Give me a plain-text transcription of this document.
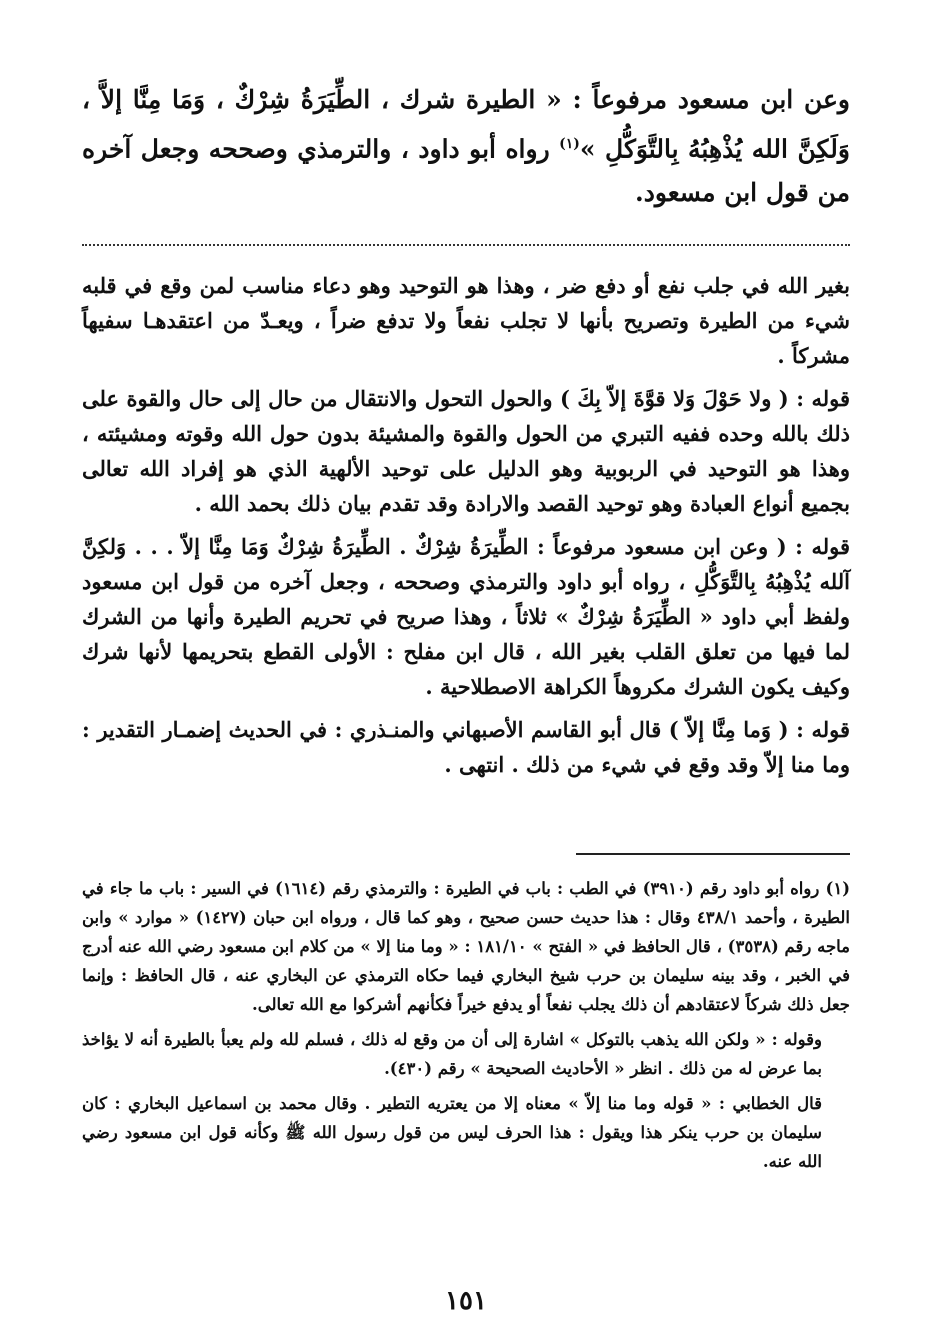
وعن ابن مسعود مرفوعاً : « الطيرة شرك ، الطِّيَرَةُ شِرْكٌ ، وَمَا مِنَّا إلاَّ ، وَلَكِنَّ الله يُذْهِبُهُ بِالتَّوَكُّلِ »$^{(١)}$ رواه أبو داود ، والترمذي وصححه وجعل آخره من قول ابن مسعود.

بغير الله في جلب نفع أو دفع ضر ، وهذا هو التوحيد وهو دعاء مناسب لمن وقع في قلبه شيء من الطيرة وتصريح بأنها لا تجلب نفعاً ولا تدفع ضراً ، ويعـدّ من اعتقدهـا سفيهاً مشركاً .

قوله : ( ولا حَوْلَ وَلا قوَّةَ إلاّ بِكَ ) والحول التحول والانتقال من حال إلى حال والقوة على ذلك بالله وحده ففيه التبري من الحول والقوة والمشيئة بدون حول الله وقوته ومشيئته ، وهذا هو التوحيد في الربوبية وهو الدليل على توحيد الألهية الذي هو إفراد الله تعالى بجميع أنواع العبادة وهو توحيد القصد والارادة وقد تقدم بيان ذلك بحمد الله .

قوله : ( وعن ابن مسعود مرفوعاً : الطِّيرَةُ شِرْكٌ . الطِّيرَةُ شِرْكٌ وَمَا مِنَّا إلاّ . . . وَلكِنَّ آلله يُذْهِبُهُ بِالتَّوَكُّلِ ، رواه أبو داود والترمذي وصححه ، وجعل آخره من قول ابن مسعود ولفظ أبي داود « الطِّيَرَةُ شِرْكٌ » ثلاثاً ، وهذا صريح في تحريم الطيرة وأنها من الشرك لما فيها من تعلق القلب بغير الله ، قال ابن مفلح : الأولى القطع بتحريمها لأنها شرك وكيف يكون الشرك مكروهاً الكراهة الاصطلاحية .

قوله : ( وَما مِنَّا إلاّ ) قال أبو القاسم الأصبهاني والمنـذري : في الحديث إضمـار التقدير : وما منا إلاّ وقد وقع في شيء من ذلك . انتهى .

(١) رواه أبو داود رقم (٣٩١٠) في الطب : باب في الطيرة : والترمذي رقم (١٦١٤) في السير : باب ما جاء في الطيرة ، وأحمد ٤٣٨/١ وقال : هذا حديث حسن صحيح ، وهو كما قال ، ورواه ابن حبان (١٤٢٧) « موارد » وابن ماجه رقم (٣٥٣٨) ، قال الحافظ في « الفتح » ١٨١/١٠ : « وما منا إلا » من كلام ابن مسعود رضي الله عنه أدرج في الخبر ، وقد بينه سليمان بن حرب شيخ البخاري فيما حكاه الترمذي عن البخاري عنه ، قال الحافظ : وإنما جعل ذلك شركاً لاعتقادهم أن ذلك يجلب نفعاً أو يدفع خيراً فكأنهم أشركوا مع الله تعالى.

وقوله : « ولكن الله يذهب بالتوكل » اشارة إلى أن من وقع له ذلك ، فسلم لله ولم يعبأ بالطيرة أنه لا يؤاخذ بما عرض له من ذلك . انظر « الأحاديث الصحيحة » رقم (٤٣٠).

قال الخطابي : « قوله وما منا إلاّ » معناه إلا من يعتريه التطير . وقال محمد بن اسماعيل البخاري : كان سليمان بن حرب ينكر هذا ويقول : هذا الحرف ليس من قول رسول الله ﷺ وكأنه قول ابن مسعود رضي الله عنه.

١٥١
